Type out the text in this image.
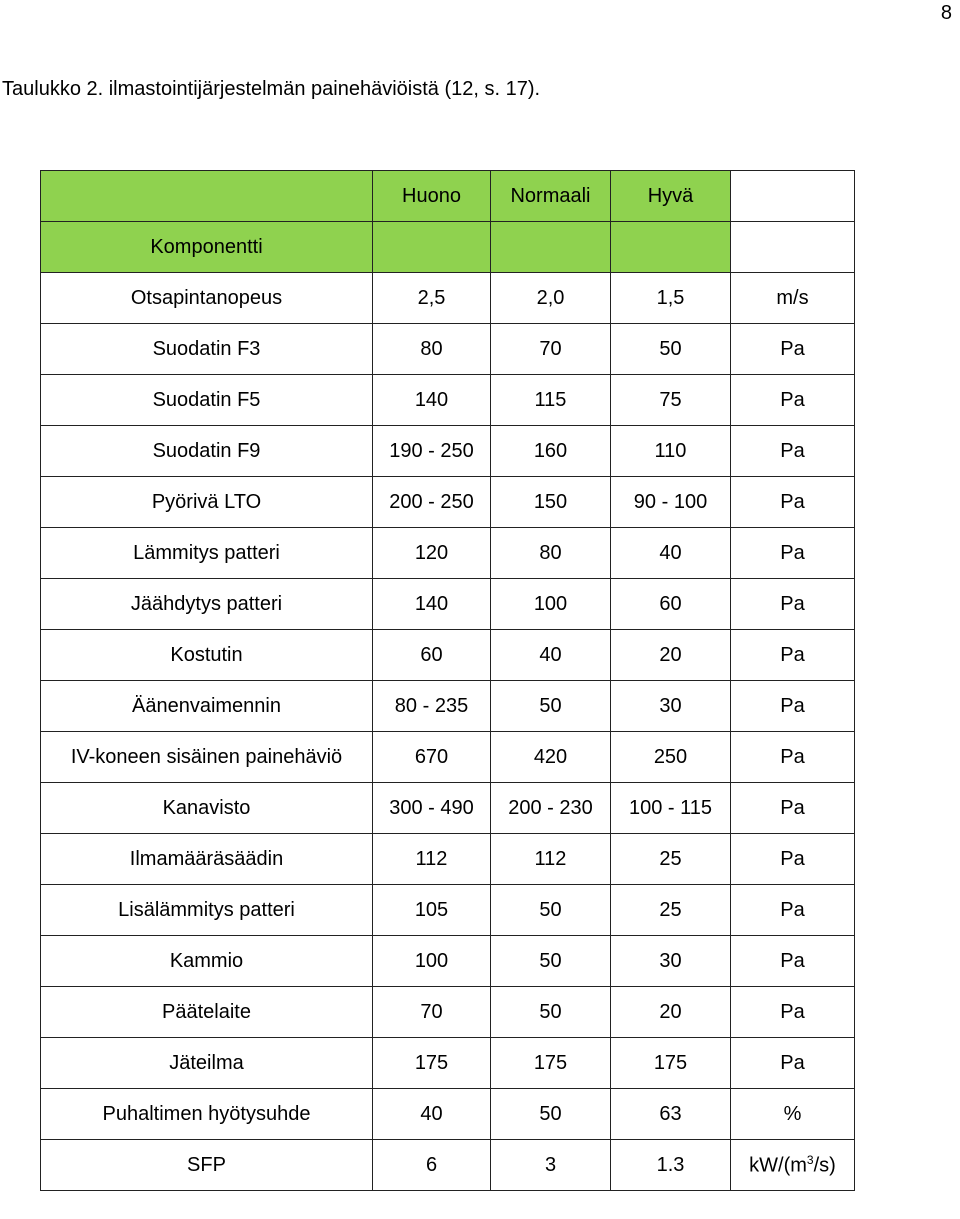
8
Taulukko 2. ilmastointijärjestelmän painehäviöistä (12, s. 17).
	Huono	Normaali	Hyvä	
Komponentti				
Otsapintanopeus	2,5	2,0	1,5	m/s
Suodatin F3	80	70	50	Pa
Suodatin F5	140	115	75	Pa
Suodatin F9	190 - 250	160	110	Pa
Pyörivä LTO	200 - 250	150	90 - 100	Pa
Lämmitys patteri	120	80	40	Pa
Jäähdytys patteri	140	100	60	Pa
Kostutin	60	40	20	Pa
Äänenvaimennin	80 - 235	50	30	Pa
IV-koneen sisäinen painehäviö	670	420	250	Pa
Kanavisto	300 - 490	200 - 230	100 - 115	Pa
Ilmamääräsäädin	112	112	25	Pa
Lisälämmitys patteri	105	50	25	Pa
Kammio	100	50	30	Pa
Päätelaite	70	50	20	Pa
Jäteilma	175	175	175	Pa
Puhaltimen hyötysuhde	40	50	63	%
SFP	6	3	1.3	$kW/(m^3/s)$
